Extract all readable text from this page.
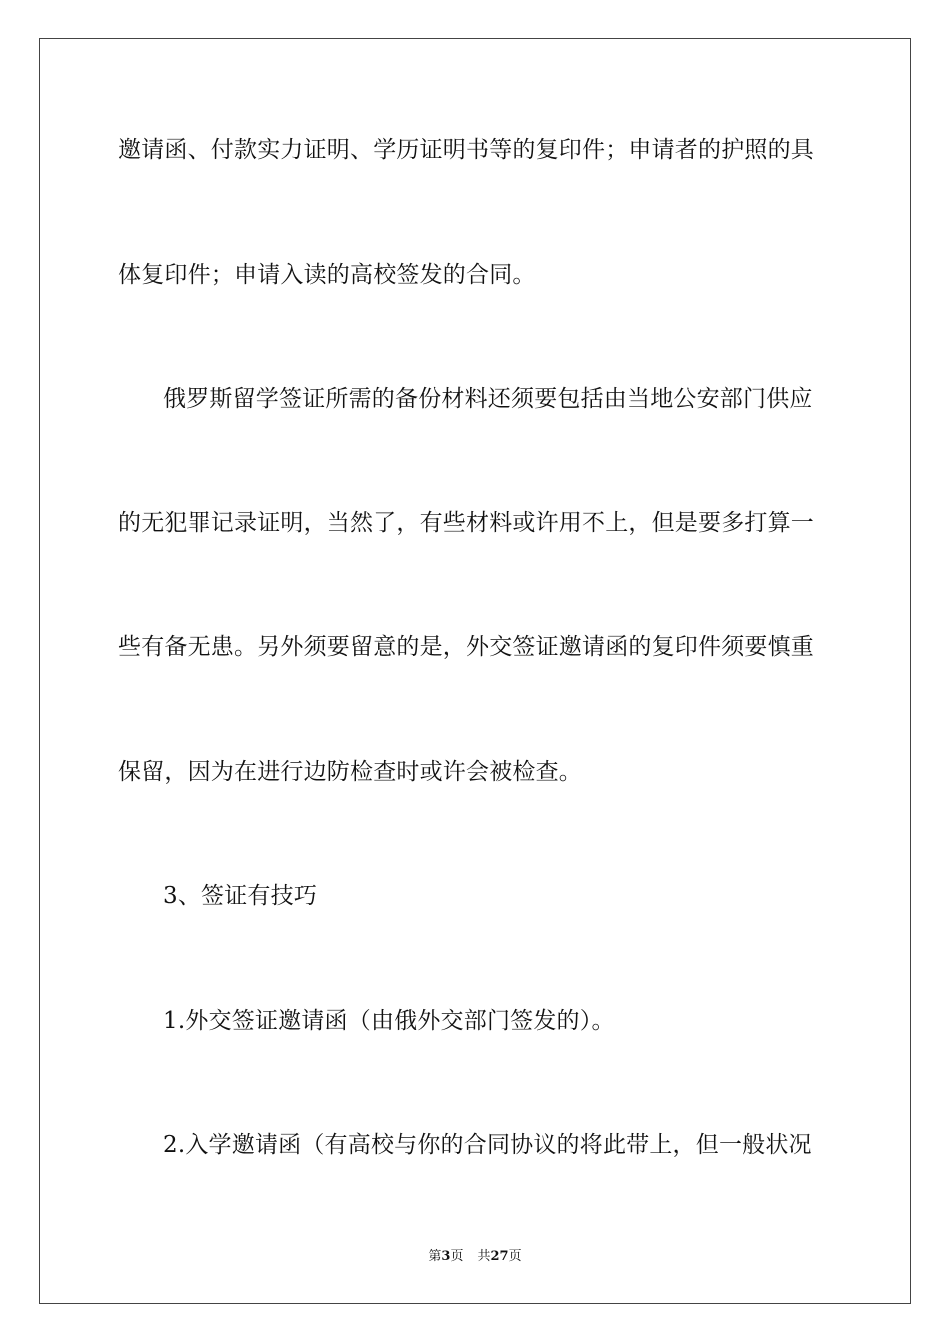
邀请函、付款实力证明、学历证明书等的复印件；申请者的护照的具
体复印件；申请入读的高校签发的合同。
俄罗斯留学签证所需的备份材料还须要包括由当地公安部门供应
的无犯罪记录证明，当然了，有些材料或许用不上，但是要多打算一
些有备无患。另外须要留意的是，外交签证邀请函的复印件须要慎重
保留，因为在进行边防检查时或许会被检查。
3、签证有技巧
1.外交签证邀请函（由俄外交部门签发的）。
2.入学邀请函（有高校与你的合同协议的将此带上，但一般状况
第3页 共27页
